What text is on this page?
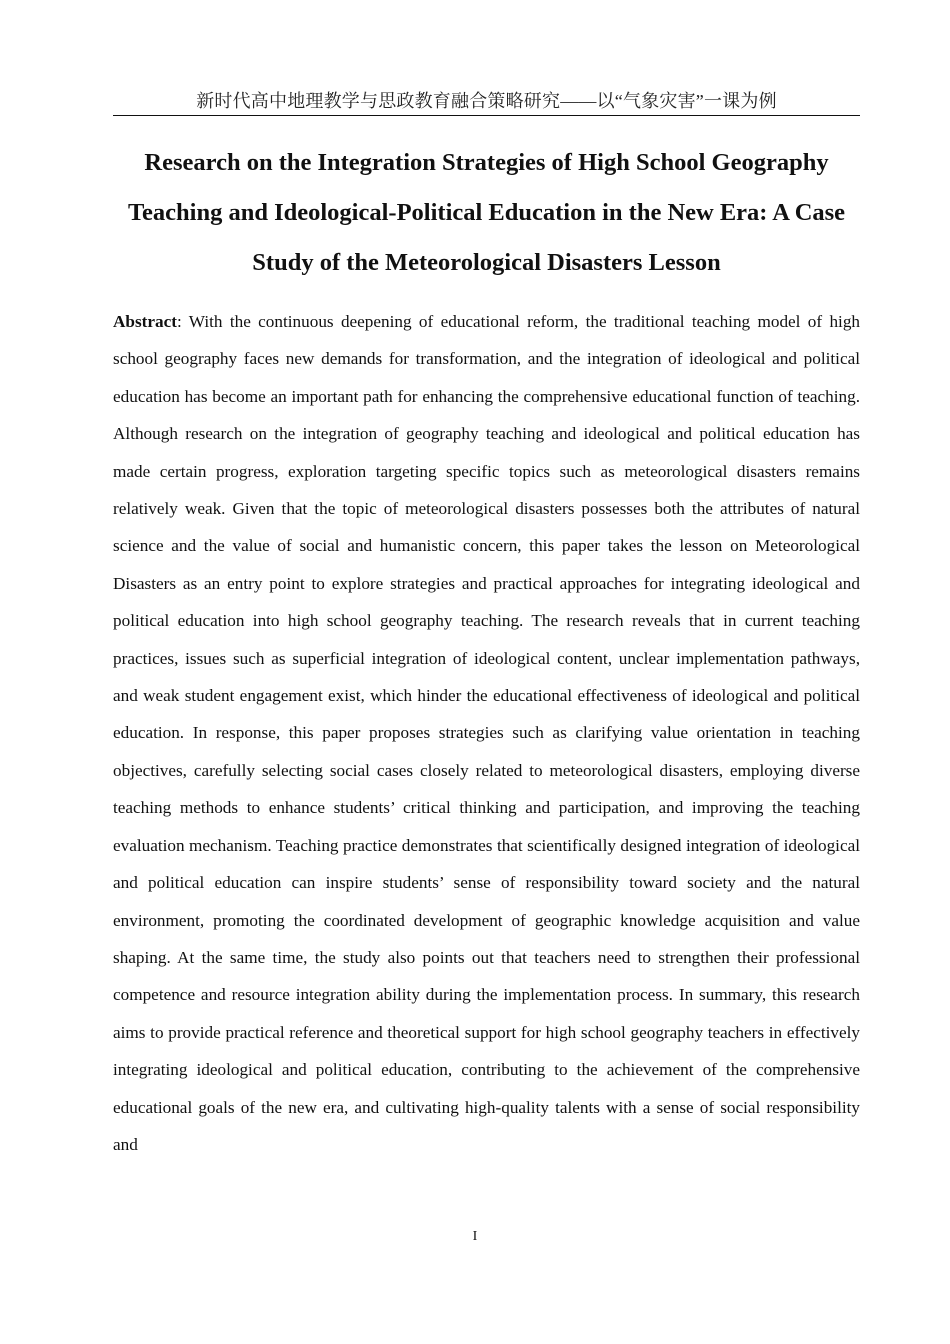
新时代高中地理教学与思政教育融合策略研究——以“气象灾害”一课为例
Research on the Integration Strategies of High School Geography Teaching and Ideological-Political Education in the New Era: A Case Study of the Meteorological Disasters Lesson

Abstract: With the continuous deepening of educational reform, the traditional teaching model of high school geography faces new demands for transformation, and the integration of ideological and political education has become an important path for enhancing the comprehensive educational function of teaching. Although research on the integration of geography teaching and ideological and political education has made certain progress, exploration targeting specific topics such as meteorological disasters remains relatively weak. Given that the topic of meteorological disasters possesses both the attributes of natural science and the value of social and humanistic concern, this paper takes the lesson on Meteorological Disasters as an entry point to explore strategies and practical approaches for integrating ideological and political education into high school geography teaching. The research reveals that in current teaching practices, issues such as superficial integration of ideological content, unclear implementation pathways, and weak student engagement exist, which hinder the educational effectiveness of ideological and political education. In response, this paper proposes strategies such as clarifying value orientation in teaching objectives, carefully selecting social cases closely related to meteorological disasters, employing diverse teaching methods to enhance students’ critical thinking and participation, and improving the teaching evaluation mechanism. Teaching practice demonstrates that scientifically designed integration of ideological and political education can inspire students’ sense of responsibility toward society and the natural environment, promoting the coordinated development of geographic knowledge acquisition and value shaping. At the same time, the study also points out that teachers need to strengthen their professional competence and resource integration ability during the implementation process. In summary, this research aims to provide practical reference and theoretical support for high school geography teachers in effectively integrating ideological and political education, contributing to the achievement of the comprehensive educational goals of the new era, and cultivating high-quality talents with a sense of social responsibility and

I
